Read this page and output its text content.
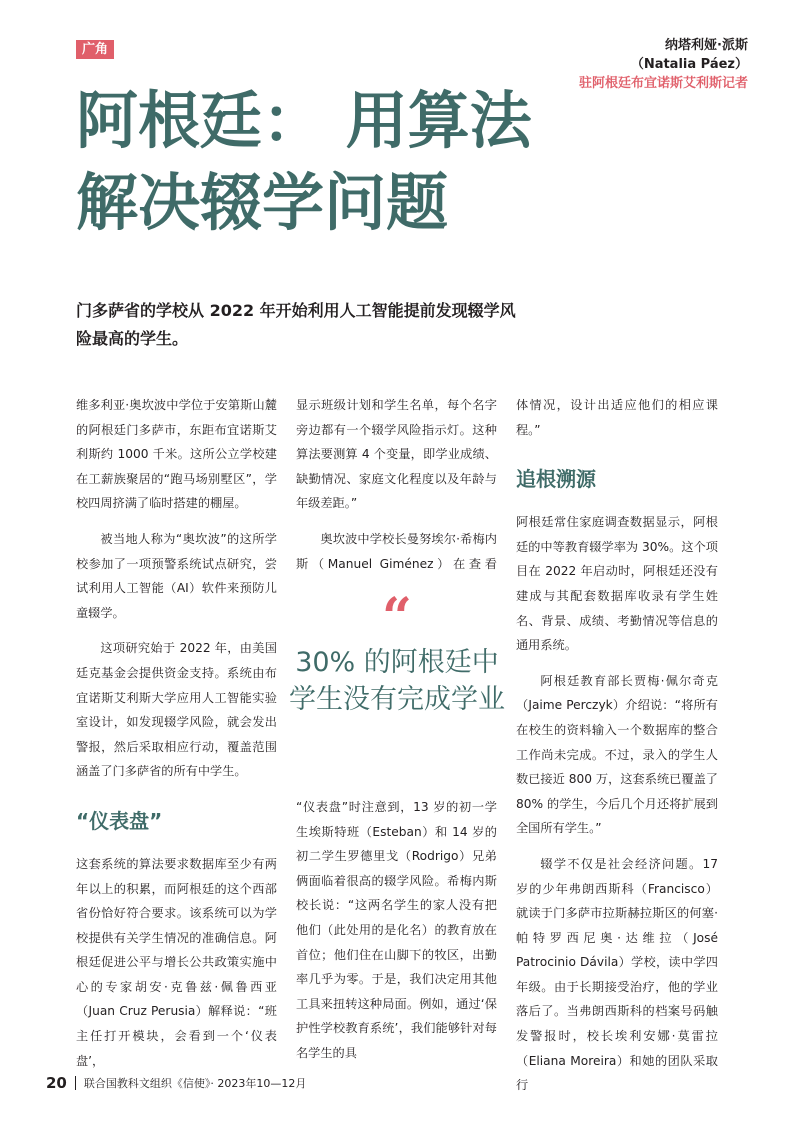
广角	纳塔利娅·派斯
（Natalia Páez）
驻阿根廷布宜诺斯艾利斯记者
阿根廷： 用算法
解决辍学问题

门多萨省的学校从 2022 年开始利用人工智能提前发现辍学风险最高的学生。

维多利亚·奥坎波中学位于安第斯山麓的阿根廷门多萨市，东距布宜诺斯艾利斯约 1000 千米。这所公立学校建在工薪族聚居的“跑马场别墅区”，学校四周挤满了临时搭建的棚屋。

被当地人称为“奥坎波”的这所学校参加了一项预警系统试点研究，尝试利用人工智能（AI）软件来预防儿童辍学。

这项研究始于 2022 年，由美国廷克基金会提供资金支持。系统由布宜诺斯艾利斯大学应用人工智能实验室设计，如发现辍学风险，就会发出警报，然后采取相应行动，覆盖范围涵盖了门多萨省的所有中学生。

“仪表盘”

这套系统的算法要求数据库至少有两年以上的积累，而阿根廷的这个西部省份恰好符合要求。该系统可以为学校提供有关学生情况的准确信息。阿根廷促进公平与增长公共政策实施中心的专家胡安·克鲁兹·佩鲁西亚（Juan Cruz Perusia）解释说：“班主任打开模块，会看到一个‘仪表盘’，

显示班级计划和学生名单，每个名字旁边都有一个辍学风险指示灯。这种算法要测算 4 个变量，即学业成绩、缺勤情况、家庭文化程度以及年龄与年级差距。”

奥坎波中学校长曼努埃尔·希梅内斯（Manuel Giménez）在查看

“
30% 的阿根廷中学生没有完成学业

“仪表盘”时注意到，13 岁的初一学生埃斯特班（Esteban）和 14 岁的初二学生罗德里戈（Rodrigo）兄弟俩面临着很高的辍学风险。希梅内斯校长说：“这两名学生的家人没有把他们（此处用的是化名）的教育放在首位；他们住在山脚下的牧区，出勤率几乎为零。于是，我们决定用其他工具来扭转这种局面。例如，通过‘保护性学校教育系统’，我们能够针对每名学生的具

体情况，设计出适应他们的相应课程。”

追根溯源

阿根廷常住家庭调查数据显示，阿根廷的中等教育辍学率为 30%。这个项目在 2022 年启动时，阿根廷还没有建成与其配套数据库收录有学生姓名、背景、成绩、考勤情况等信息的通用系统。

阿根廷教育部长贾梅·佩尔奇克（Jaime Perczyk）介绍说：“将所有在校生的资料输入一个数据库的整合工作尚未完成。不过，录入的学生人数已接近 800 万，这套系统已覆盖了 80% 的学生，今后几个月还将扩展到全国所有学生。”

辍学不仅是社会经济问题。17 岁的少年弗朗西斯科（Francisco）就读于门多萨市拉斯赫拉斯区的何塞·帕特罗西尼奥·达维拉（José Patrocinio Dávila）学校，读中学四年级。由于长期接受治疗，他的学业落后了。当弗朗西斯科的档案号码触发警报时，校长埃利安娜·莫雷拉（Eliana Moreira）和她的团队采取行

20 联合国教科文组织《信使》· 2023年10—12月
